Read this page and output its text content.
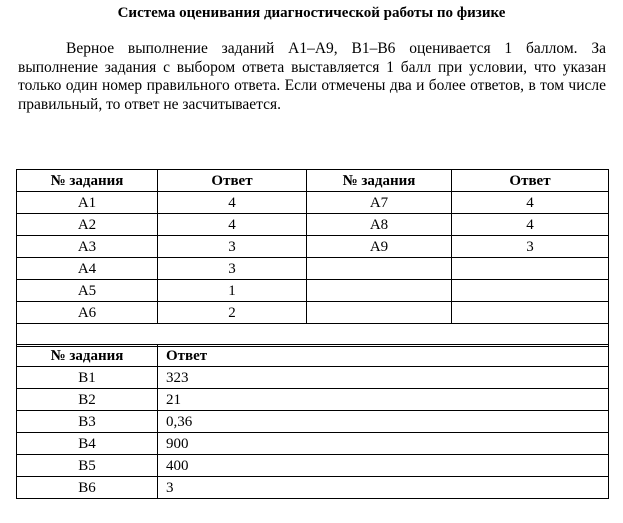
Система оценивания диагностической работы по физике

Верное выполнение заданий А1–А9, В1–В6 оценивается 1 баллом. За выполнение задания с выбором ответа выставляется 1 балл при условии, что указан только один номер правильного ответа. Если отмечены два и более ответов, в том числе правильный, то ответ не засчитывается.

№ задания	Ответ	№ задания	Ответ
А1	4	А7	4
А2	4	А8	4
А3	3	А9	3
А4	3		
А5	1		
А6	2		

№ задания	Ответ
В1	323
В2	21
В3	0,36
В4	900
В5	400
В6	3
